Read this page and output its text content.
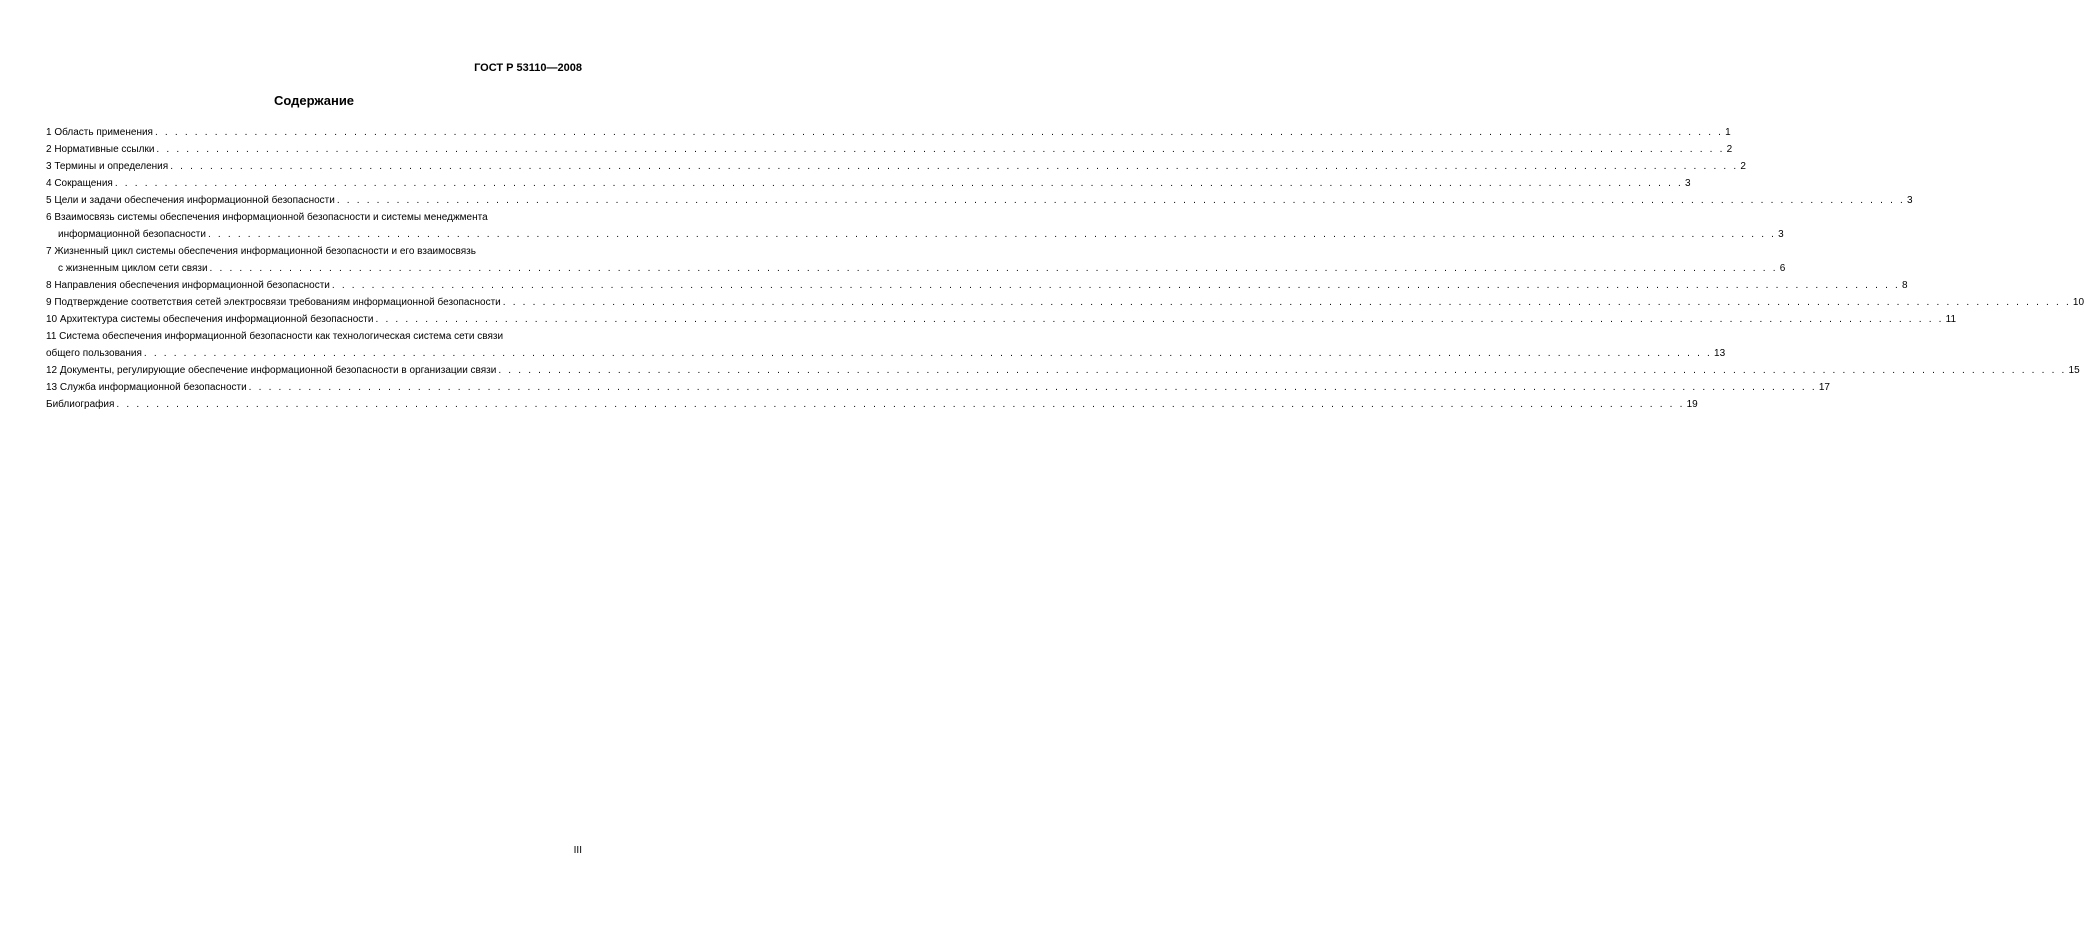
ГОСТ Р 53110—2008
Содержание
1 Область применения . . .	1
2 Нормативные ссылки . . .	2
3 Термины и определения . . .	2
4 Сокращения . . .	3
5 Цели и задачи обеспечения информационной безопасности . . .	3
6 Взаимосвязь системы обеспечения информационной безопасности и системы менеджмента
информационной безопасности . . .	3
7 Жизненный цикл системы обеспечения информационной безопасности и его взаимосвязь
с жизненным циклом сети связи . . .	6
8 Направления обеспечения информационной безопасности . . .	8
9 Подтверждение соответствия сетей электросвязи требованиям информационной безопасности . . .	10
10 Архитектура системы обеспечения информационной безопасности . . .	11
11 Система обеспечения информационной безопасности как технологическая система сети связи
общего пользования . . .	13
12 Документы, регулирующие обеспечение информационной безопасности в организации связи . . .	15
13 Служба информационной безопасности . . .	17
Библиография . . .	19
III
